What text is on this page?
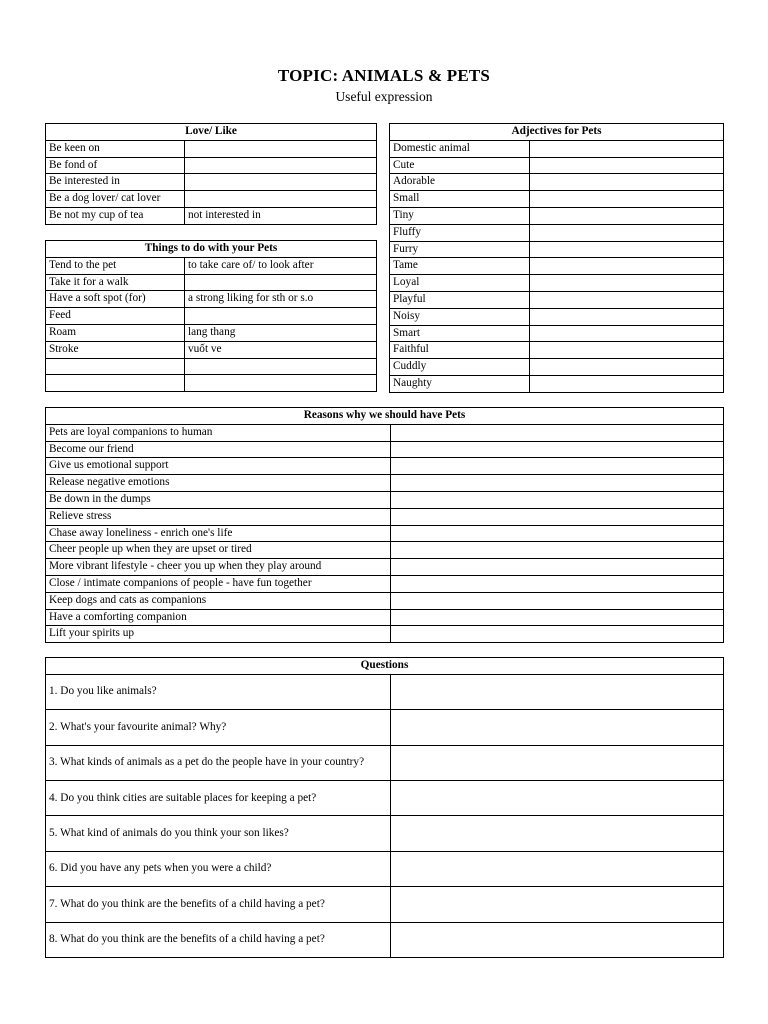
TOPIC: ANIMALS & PETS
Useful expression
Love/ Like	
Be keen on	
Be fond of	
Be interested in	
Be a dog lover/ cat lover	
Be not my cup of tea	not interested in
Things to do with your Pets	
Tend to the pet	to take care of/ to look after
Take it for a walk	
Have a soft spot (for)	a strong liking for sth or s.o
Feed	
Roam	lang thang
Stroke	vuốt ve

Adjectives for Pets	
Domestic animal	
Cute	
Adorable	
Small	
Tiny	
Fluffy	
Furry	
Tame	
Loyal	
Playful	
Noisy	
Smart	
Faithful	
Cuddly	
Naughty	
Reasons why we should have Pets	
Pets are loyal companions to human	
Become our friend	
Give us emotional support	
Release negative emotions	
Be down in the dumps	
Relieve stress	
Chase away loneliness - enrich one's life	
Cheer people up when they are upset or tired	
More vibrant lifestyle - cheer you up when they play around	
Close / intimate companions of people - have fun together	
Keep dogs and cats as companions	
Have a comforting companion	
Lift your spirits up	
Questions	
1. Do you like animals?	
2. What's your favourite animal? Why?	
3. What kinds of animals as a pet do the people have in your country?	
4. Do you think cities are suitable places for keeping a pet?	
5. What kind of animals do you think your son likes?	
6. Did you have any pets when you were a child?	
7. What do you think are the benefits of a child having a pet?	
8. What do you think are the benefits of a child having a pet?	
